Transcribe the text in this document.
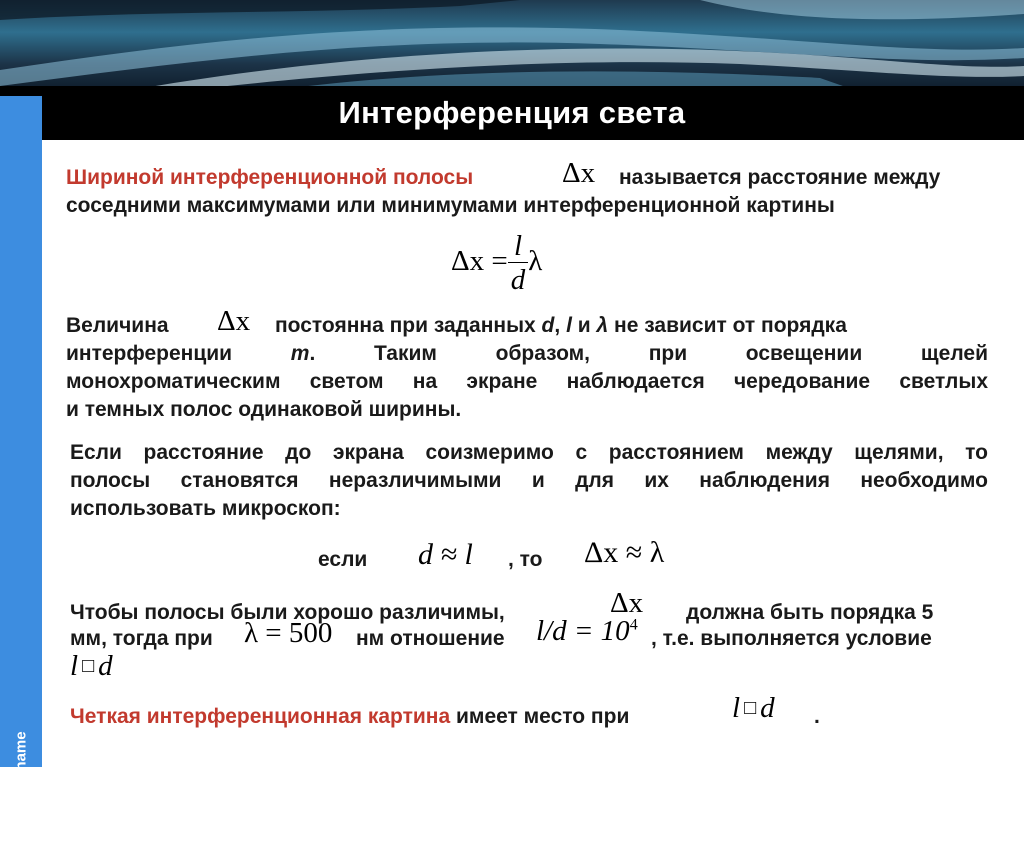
Интерференция света
company name
Шириной интерференционной полосы	Δx называется расстояние между
соседними максимумами или минимумами интерференционной картины
$\Delta x = \frac{l}{d}$ λ
Величина Δx постоянна при заданных d, l и λ не зависит от порядка
интерференции	m. Таким образом, при освещении щелей
монохроматическим светом на экране наблюдается чередование светлых
и темных полос одинаковой ширины.
Если расстояние до экрана соизмеримо с расстоянием между щелями, то
полосы становятся неразличимыми и для их наблюдения необходимо
использовать микроскоп:
если d ≈ l , то Δx ≈ λ
Чтобы полосы были хорошо различимы,	Δx должна быть порядка 5
мм, тогда при λ = 500 нм отношение $l/d = 10^4$
, т.е. выполняется условие
l □ d
Четкая интерференционная картина имеет место при	l □ d .
